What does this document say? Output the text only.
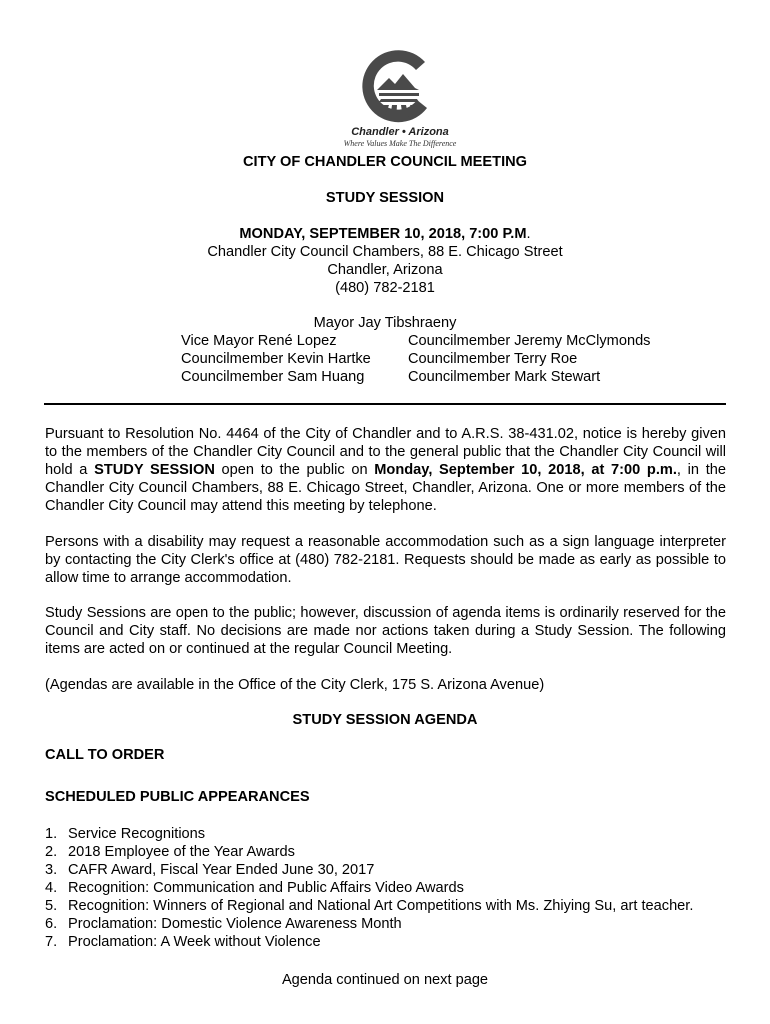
Chandler • Arizona
Where Values Make The Difference
CITY OF CHANDLER COUNCIL MEETING
STUDY SESSION
MONDAY, SEPTEMBER 10, 2018, 7:00 P.M.
Chandler City Council Chambers, 88 E. Chicago Street
Chandler, Arizona
(480) 782-2181
Mayor Jay Tibshraeny
Vice Mayor René Lopez	Councilmember Jeremy McClymonds
Councilmember Kevin Hartke	Councilmember Terry Roe
Councilmember Sam Huang	Councilmember Mark Stewart
Pursuant to Resolution No. 4464 of the City of Chandler and to A.R.S. 38-431.02, notice is hereby given to the members of the Chandler City Council and to the general public that the Chandler City Council will hold a STUDY SESSION open to the public on Monday, September 10, 2018, at 7:00 p.m., in the Chandler City Council Chambers, 88 E. Chicago Street, Chandler, Arizona. One or more members of the Chandler City Council may attend this meeting by telephone.
Persons with a disability may request a reasonable accommodation such as a sign language interpreter by contacting the City Clerk's office at (480) 782-2181. Requests should be made as early as possible to allow time to arrange accommodation.
Study Sessions are open to the public; however, discussion of agenda items is ordinarily reserved for the Council and City staff. No decisions are made nor actions taken during a Study Session. The following items are acted on or continued at the regular Council Meeting.
(Agendas are available in the Office of the City Clerk, 175 S. Arizona Avenue)
STUDY SESSION AGENDA
CALL TO ORDER
SCHEDULED PUBLIC APPEARANCES
1. Service Recognitions
2. 2018 Employee of the Year Awards
3. CAFR Award, Fiscal Year Ended June 30, 2017
4. Recognition: Communication and Public Affairs Video Awards
5. Recognition: Winners of Regional and National Art Competitions with Ms. Zhiying Su, art teacher.
6. Proclamation: Domestic Violence Awareness Month
7. Proclamation: A Week without Violence
Agenda continued on next page
